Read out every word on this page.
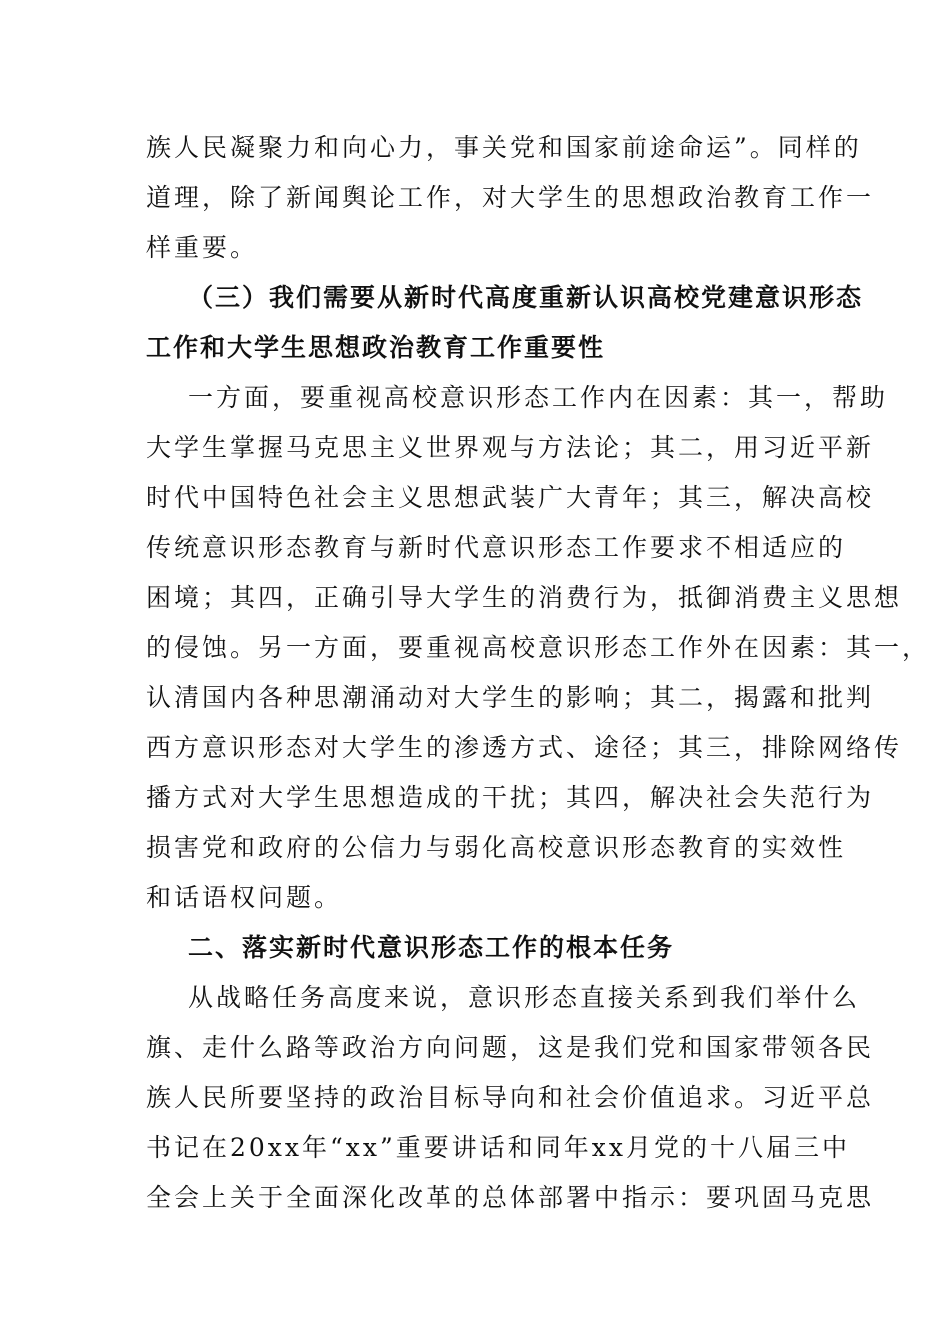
族人民凝聚力和向心力，事关党和国家前途命运”。同样的
道理，除了新闻舆论工作，对大学生的思想政治教育工作一
样重要。
（三）我们需要从新时代高度重新认识高校党建意识形态
工作和大学生思想政治教育工作重要性
一方面，要重视高校意识形态工作内在因素：其一，帮助
大学生掌握马克思主义世界观与方法论；其二，用习近平新
时代中国特色社会主义思想武装广大青年；其三，解决高校
传统意识形态教育与新时代意识形态工作要求不相适应的
困境；其四，正确引导大学生的消费行为，抵御消费主义思想
的侵蚀。另一方面，要重视高校意识形态工作外在因素：其一，
认清国内各种思潮涌动对大学生的影响；其二，揭露和批判
西方意识形态对大学生的渗透方式、途径；其三，排除网络传
播方式对大学生思想造成的干扰；其四，解决社会失范行为
损害党和政府的公信力与弱化高校意识形态教育的实效性
和话语权问题。
二、落实新时代意识形态工作的根本任务
从战略任务高度来说，意识形态直接关系到我们举什么
旗、走什么路等政治方向问题，这是我们党和国家带领各民
族人民所要坚持的政治目标导向和社会价值追求。习近平总
书记在20xx年“xx”重要讲话和同年xx月党的十八届三中
全会上关于全面深化改革的总体部署中指示：要巩固马克思
